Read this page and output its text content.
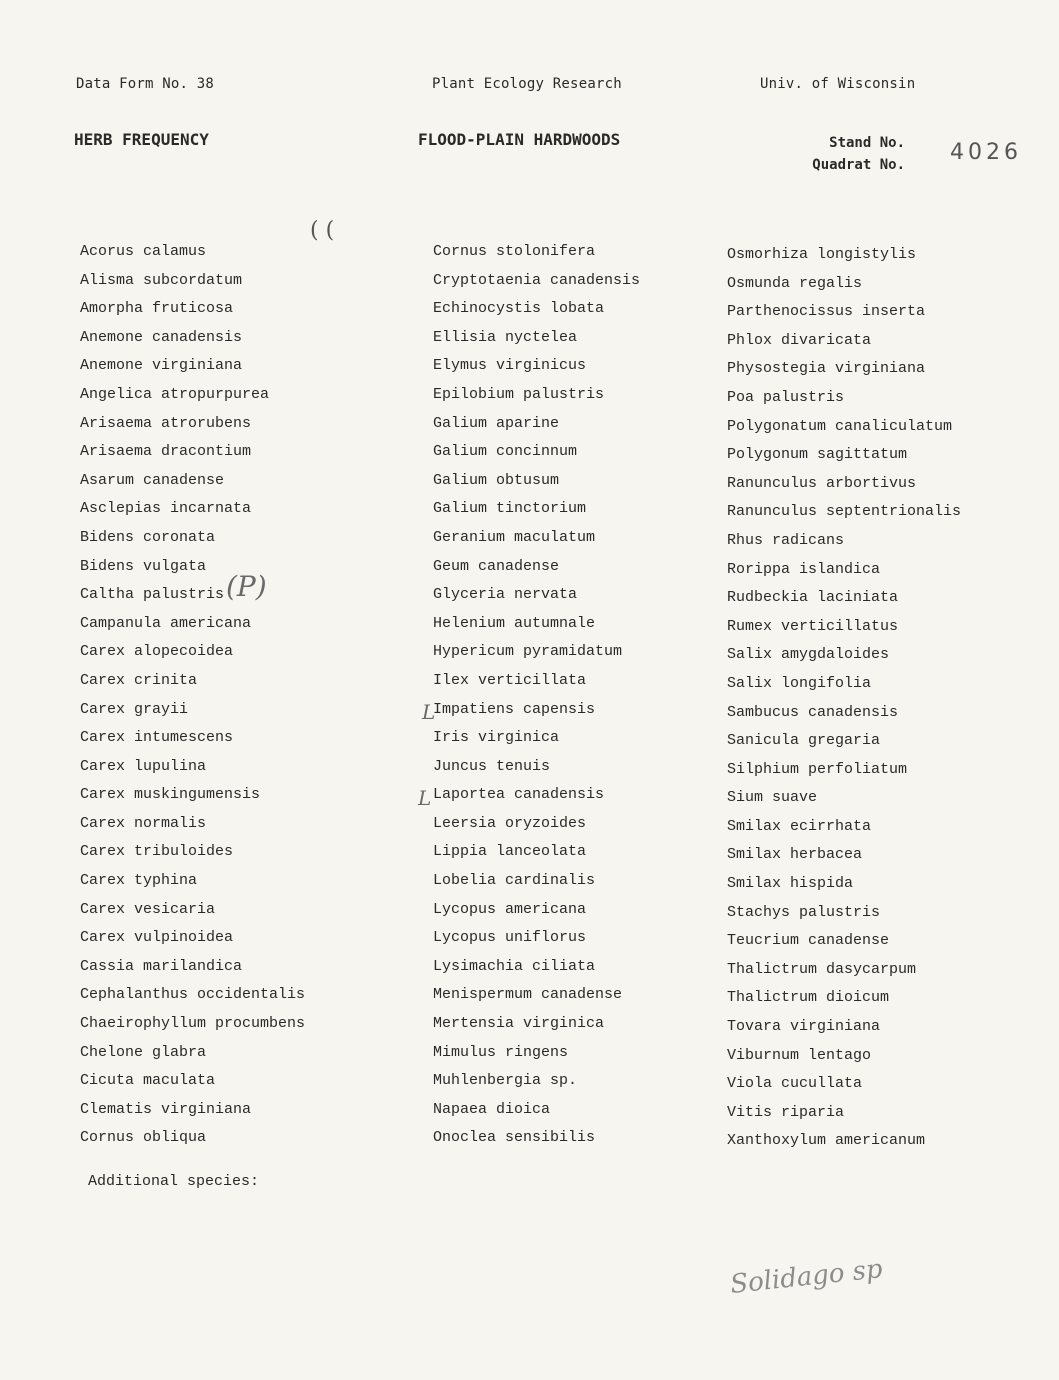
Data Form No. 38	Plant Ecology Research	Univ. of Wisconsin
HERB FREQUENCY	FLOOD-PLAIN HARDWOODS	Stand No.
Quadrat No. 4026
Acorus calamus
Alisma subcordatum
Amorpha fruticosa
Anemone canadensis
Anemone virginiana
Angelica atropurpurea
Arisaema atrorubens
Arisaema dracontium
Asarum canadense
Asclepias incarnata
Bidens coronata
Bidens vulgata
Caltha palustris
Campanula americana
Carex alopecoidea
Carex crinita
Carex grayii
Carex intumescens
Carex lupulina
Carex muskingumensis
Carex normalis
Carex tribuloides
Carex typhina
Carex vesicaria
Carex vulpinoidea
Cassia marilandica
Cephalanthus occidentalis
Chaeirophyllum procumbens
Chelone glabra
Cicuta maculata
Clematis virginiana
Cornus obliqua
Cornus stolonifera
Cryptotaenia canadensis
Echinocystis lobata
Ellisia nyctelea
Elymus virginicus
Epilobium palustris
Galium aparine
Galium concinnum
Galium obtusum
Galium tinctorium
Geranium maculatum
Geum canadense
Glyceria nervata
Helenium autumnale
Hypericum pyramidatum
Ilex verticillata
Impatiens capensis
Iris virginica
Juncus tenuis
Laportea canadensis
Leersia oryzoides
Lippia lanceolata
Lobelia cardinalis
Lycopus americana
Lycopus uniflorus
Lysimachia ciliata
Menispermum canadense
Mertensia virginica
Mimulus ringens
Muhlenbergia sp.
Napaea dioica
Onoclea sensibilis
Osmorhiza longistylis
Osmunda regalis
Parthenocissus inserta
Phlox divaricata
Physostegia virginiana
Poa palustris
Polygonatum canaliculatum
Polygonum sagittatum
Ranunculus arbortivus
Ranunculus septentrionalis
Rhus radicans
Rorippa islandica
Rudbeckia laciniata
Rumex verticillatus
Salix amygdaloides
Salix longifolia
Sambucus canadensis
Sanicula gregaria
Silphium perfoliatum
Sium suave
Smilax ecirrhata
Smilax herbacea
Smilax hispida
Stachys palustris
Teucrium canadense
Thalictrum dasycarpum
Thalictrum dioicum
Tovara virginiana
Viburnum lentago
Viola cucullata
Vitis riparia
Xanthoxylum americanum
( (
(P)
L
L
Additional species:
Solidago sp
